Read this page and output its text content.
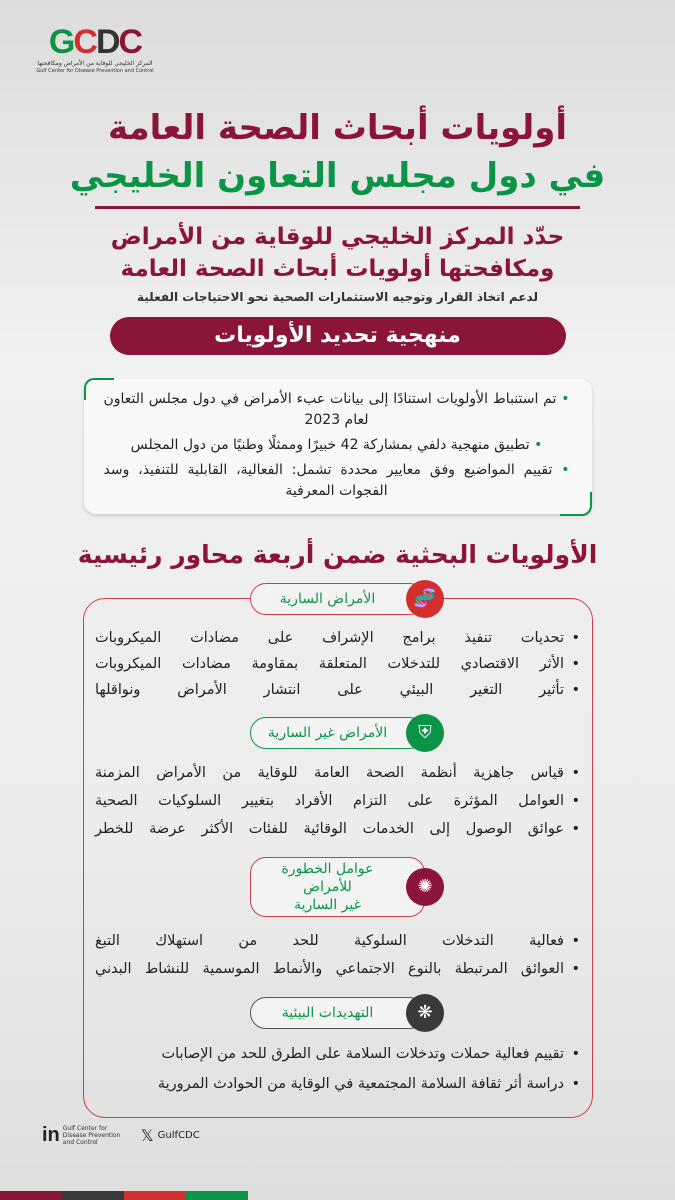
GCDC
المركز الخليجي للوقاية من الأمراض ومكافحتها
Gulf Center for Disease Prevention and Control
أولويات أبحاث الصحة العامة
في دول مجلس التعاون الخليجي
حدّد المركز الخليجي للوقاية من الأمراض
ومكافحتها أولويات أبحاث الصحة العامة
لدعم اتخاذ القرار وتوجيه الاستثمارات الصحية نحو الاحتياجات الفعلية
منهجية تحديد الأولويات

• تم استنباط الأولويات استنادًا إلى بيانات عبء الأمراض في دول مجلس التعاون لعام 2023

• تطبيق منهجية دلفي بمشاركة 42 خبيرًا وممثلًا وطنيًا من دول المجلس

• تقييم المواضيع وفق معايير محددة تشمل: الفعالية، القابلية للتنفيذ، وسد الفجوات المعرفية

الأولويات البحثية ضمن أربعة محاور رئيسية
الأمراض السارية	🧬
• تحديات تنفيذ برامج الإشراف على مضادات الميكروبات
• الأثر الاقتصادي للتدخلات المتعلقة بمقاومة مضادات الميكروبات
• تأثير التغير البيئي على انتشار الأمراض ونواقلها
الأمراض غير السارية	⛨
• قياس جاهزية أنظمة الصحة العامة للوقاية من الأمراض المزمنة
• العوامل المؤثرة على التزام الأفراد بتغيير السلوكيات الصحية
• عوائق الوصول إلى الخدمات الوقائية للفئات الأكثر عرضة للخطر
عوامل الخطورة للأمراض
غير السارية
✺
• فعالية التدخلات السلوكية للحد من استهلاك التبغ
• العوائق المرتبطة بالنوع الاجتماعي والأنماط الموسمية للنشاط البدني
التهديدات البيئية	❋
• تقييم فعالية حملات وتدخلات السلامة على الطرق للحد من الإصابات
• دراسة أثر ثقافة السلامة المجتمعية في الوقاية من الحوادث المرورية
in Gulf Center for Disease Prevention and Control	𝕏 GulfCDC
